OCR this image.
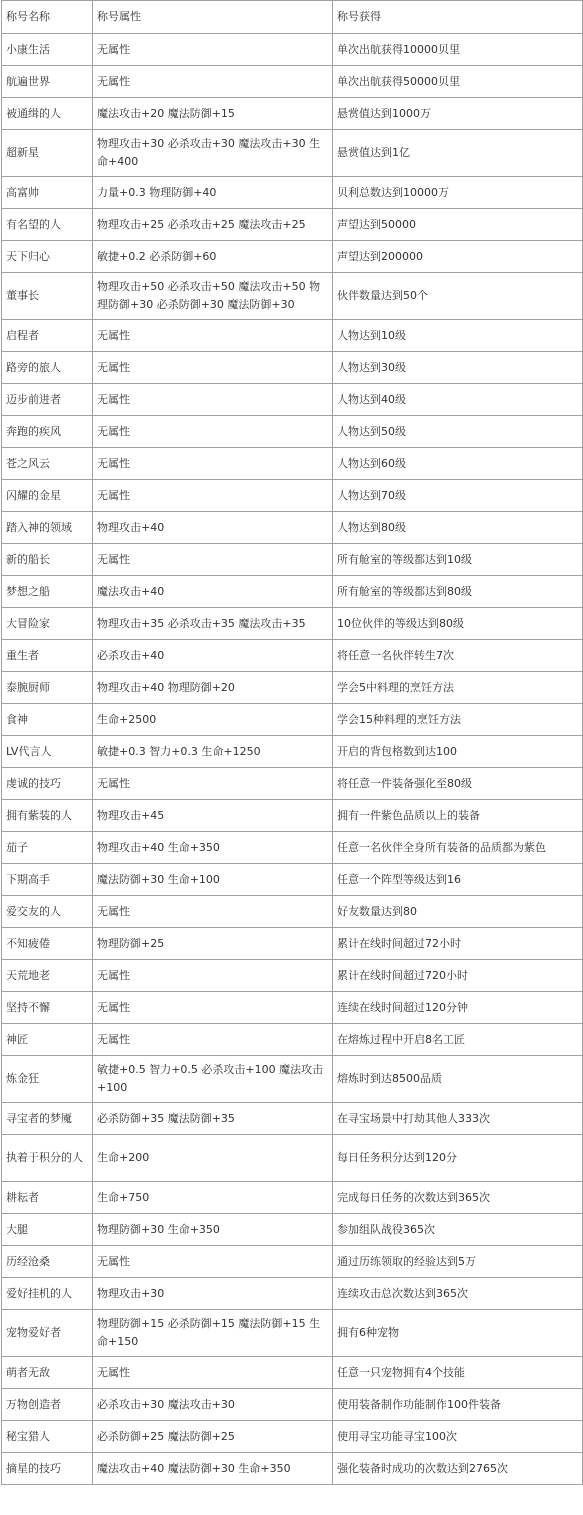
称号名称	称号属性	称号获得
小康生活	无属性	单次出航获得10000贝里
航遍世界	无属性	单次出航获得50000贝里
被通缉的人	魔法攻击+20 魔法防御+15	悬赏值达到1000万
超新星	物理攻击+30 必杀攻击+30 魔法攻击+30 生命+400	悬赏值达到1亿
高富帅	力量+0.3 物理防御+40	贝利总数达到10000万
有名望的人	物理攻击+25 必杀攻击+25 魔法攻击+25	声望达到50000
天下归心	敏捷+0.2 必杀防御+60	声望达到200000
董事长	物理攻击+50 必杀攻击+50 魔法攻击+50 物理防御+30 必杀防御+30 魔法防御+30	伙伴数量达到50个
启程者	无属性	人物达到10级
路旁的旅人	无属性	人物达到30级
迈步前进者	无属性	人物达到40级
奔跑的疾风	无属性	人物达到50级
苍之风云	无属性	人物达到60级
闪耀的金星	无属性	人物达到70级
踏入神的领域	物理攻击+40	人物达到80级
新的船长	无属性	所有舱室的等级都达到10级
梦想之船	魔法攻击+40	所有舱室的等级都达到80级
大冒险家	物理攻击+35 必杀攻击+35 魔法攻击+35	10位伙伴的等级达到80级
重生者	必杀攻击+40	将任意一名伙伴转生7次
泰腕厨师	物理攻击+40 物理防御+20	学会5中料理的烹饪方法
食神	生命+2500	学会15种料理的烹饪方法
LV代言人	敏捷+0.3 智力+0.3 生命+1250	开启的背包格数到达100
虔诚的技巧	无属性	将任意一件装备强化至80级
拥有紫装的人	物理攻击+45	拥有一件紫色品质以上的装备
茄子	物理攻击+40 生命+350	任意一名伙伴全身所有装备的品质都为紫色
下期高手	魔法防御+30 生命+100	任意一个阵型等级达到16
爱交友的人	无属性	好友数量达到80
不知疲倦	物理防御+25	累计在线时间超过72小时
天荒地老	无属性	累计在线时间超过720小时
坚持不懈	无属性	连续在线时间超过120分钟
神匠	无属性	在熔炼过程中开启8名工匠
炼金狂	敏捷+0.5 智力+0.5 必杀攻击+100 魔法攻击+100	熔炼时到达8500品质
寻宝者的梦魇	必杀防御+35 魔法防御+35	在寻宝场景中打劫其他人333次
执着于积分的人	生命+200	每日任务积分达到120分
耕耘者	生命+750	完成每日任务的次数达到365次
大腿	物理防御+30 生命+350	参加组队战役365次
历经沧桑	无属性	通过历练领取的经验达到5万
爱好挂机的人	物理攻击+30	连续攻击总次数达到365次
宠物爱好者	物理防御+15 必杀防御+15 魔法防御+15 生命+150	拥有6种宠物
萌者无敌	无属性	任意一只宠物拥有4个技能
万物创造者	必杀攻击+30 魔法攻击+30	使用装备制作功能制作100件装备
秘宝猎人	必杀防御+25 魔法防御+25	使用寻宝功能寻宝100次
摘星的技巧	魔法攻击+40 魔法防御+30 生命+350	强化装备时成功的次数达到2765次
